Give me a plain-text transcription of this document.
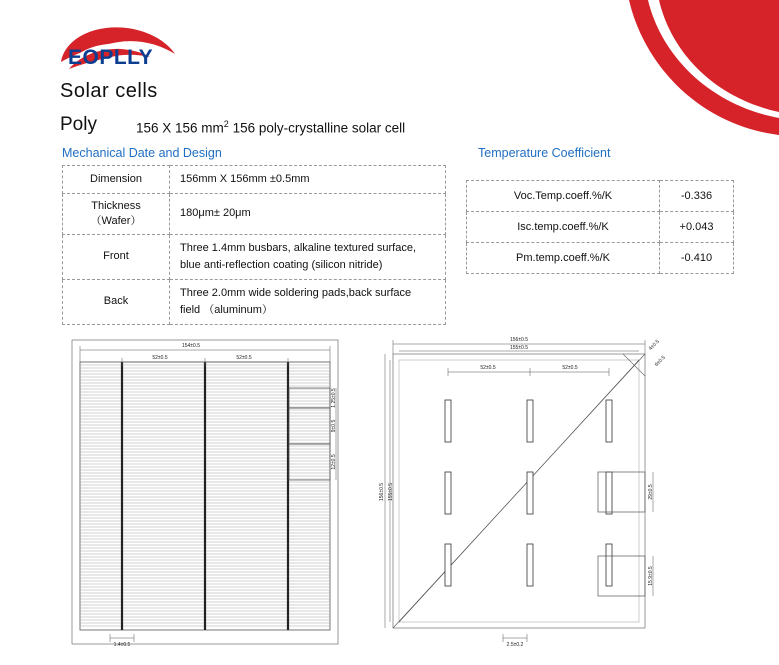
EOPLLY
Solar cells
Poly	156 X 156 $mm^2$ 156 poly-crystalline solar cell
Mechanical Date and Design	Temperature Coefficient
Dimension	156mm X 156mm ±0.5mm

Thickness
（Wafer）	180μm± 20μm

Front	Three 1.4mm busbars, alkaline textured surface,
blue anti-reflection coating (silicon nitride)

Back	Three 2.0mm wide soldering pads,back surface
field （aluminum）
Voc.Temp.coeff.%/K	-0.336
Isc.temp.coeff.%/K	+0.043
Pm.temp.coeff.%/K	-0.410
154±0.5
52±0.5	52±0.5
1.25±0.5
9±0.5
12±0.5
1.4±0.5
156±0.5
155±0.5
52±0.5	52±0.5
4±0.5
6±0.5
156±0.5 155±0.5	29±0.5
15.9±0.5
2.5±0.2
